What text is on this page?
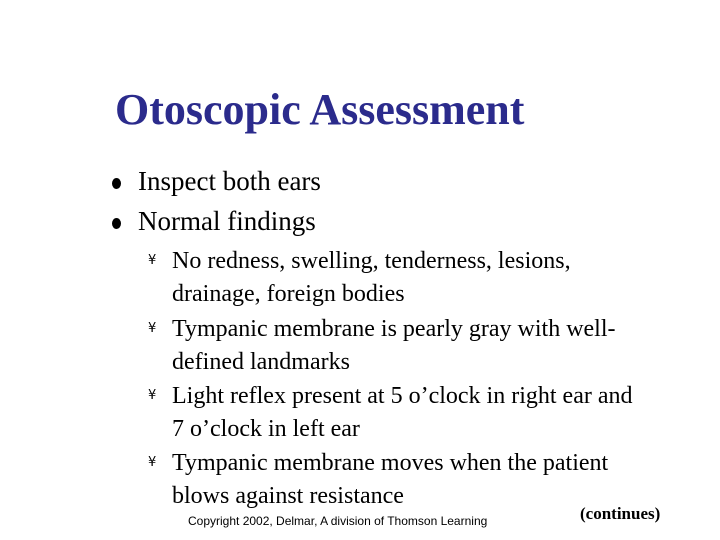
Otoscopic Assessment
Inspect both ears
Normal findings
¥ No redness, swelling, tenderness, lesions, drainage, foreign bodies
¥ Tympanic membrane is pearly gray with well-defined landmarks
¥ Light reflex present at 5 o’clock in right ear and 7 o’clock in left ear
¥ Tympanic membrane moves when the patient blows against resistance
Copyright 2002, Delmar, A division of Thomson Learning	(continues)
